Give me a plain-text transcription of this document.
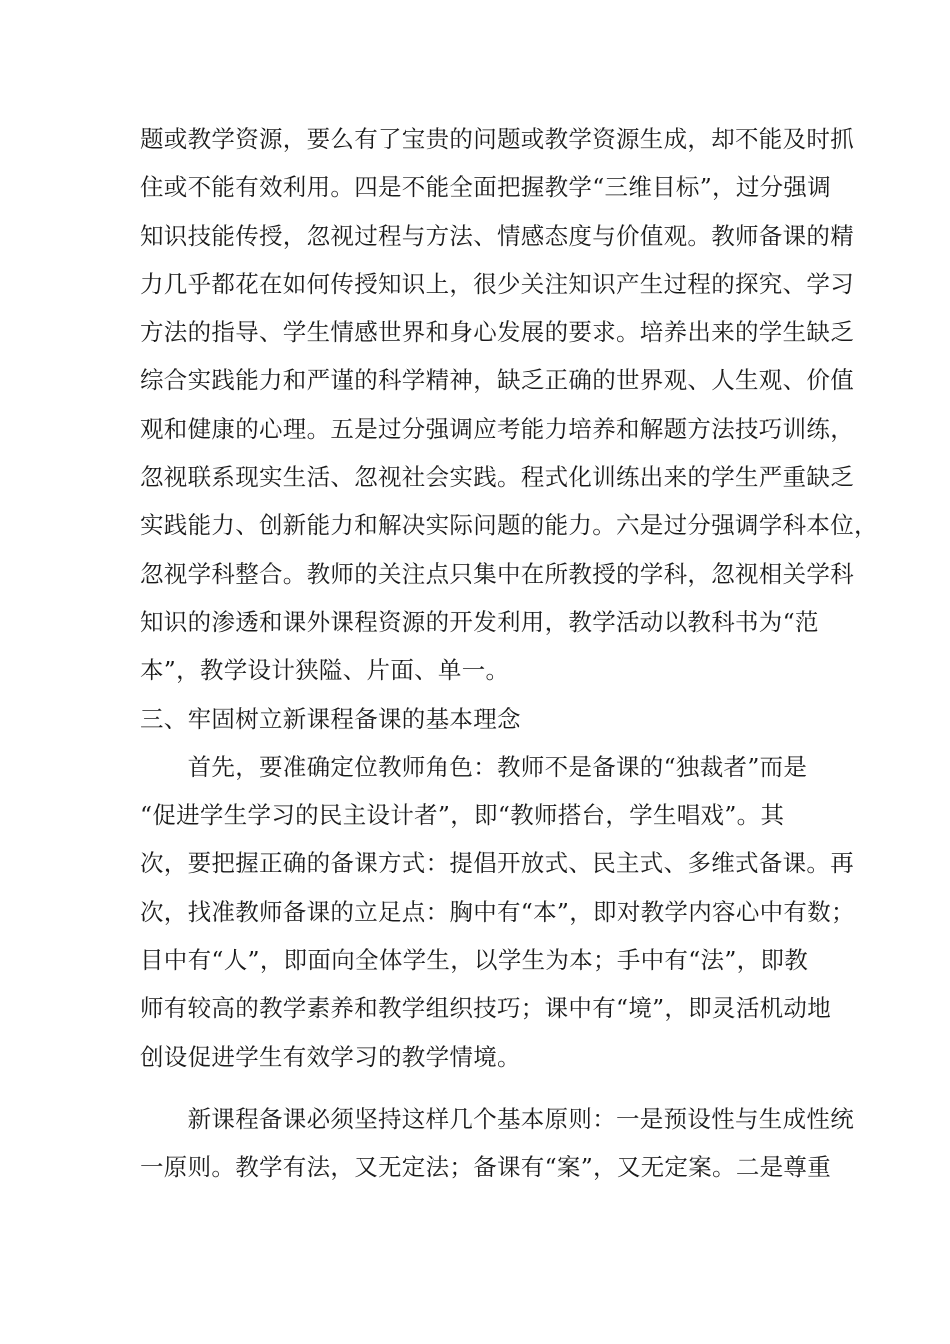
题或教学资源，要么有了宝贵的问题或教学资源生成，却不能及时抓
住或不能有效利用。四是不能全面把握教学“三维目标”，过分强调
知识技能传授，忽视过程与方法、情感态度与价值观。教师备课的精
力几乎都花在如何传授知识上，很少关注知识产生过程的探究、学习
方法的指导、学生情感世界和身心发展的要求。培养出来的学生缺乏
综合实践能力和严谨的科学精神，缺乏正确的世界观、人生观、价值
观和健康的心理。五是过分强调应考能力培养和解题方法技巧训练，
忽视联系现实生活、忽视社会实践。程式化训练出来的学生严重缺乏
实践能力、创新能力和解决实际问题的能力。六是过分强调学科本位，
忽视学科整合。教师的关注点只集中在所教授的学科，忽视相关学科
知识的渗透和课外课程资源的开发利用，教学活动以教科书为“范
本”，教学设计狭隘、片面、单一。
三、牢固树立新课程备课的基本理念
　　首先，要准确定位教师角色：教师不是备课的“独裁者”而是
“促进学生学习的民主设计者”，即“教师搭台，学生唱戏”。其
次，要把握正确的备课方式：提倡开放式、民主式、多维式备课。再
次，找准教师备课的立足点：胸中有“本”，即对教学内容心中有数；
目中有“人”，即面向全体学生，以学生为本；手中有“法”，即教
师有较高的教学素养和教学组织技巧；课中有“境”，即灵活机动地
创设促进学生有效学习的教学情境。
　　新课程备课必须坚持这样几个基本原则：一是预设性与生成性统
一原则。教学有法，又无定法；备课有“案”，又无定案。二是尊重
